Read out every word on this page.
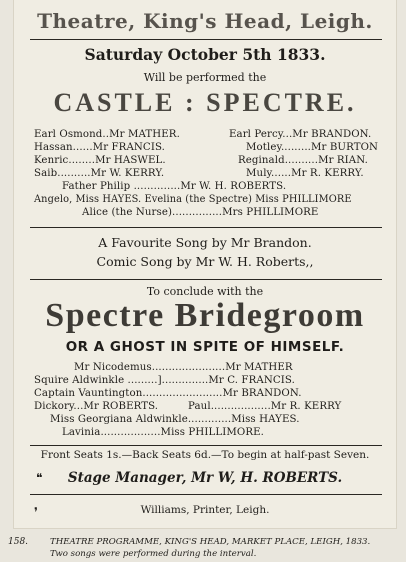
Theatre, King's Head, Leigh.
Saturday October 5th 1833.
Will be performed the
CASTLE : SPECTRE.
Earl Osmond..Mr MATHER.	Earl Percy...Mr BRANDON.
Hassan......Mr FRANCIS.	Motley.........Mr BURTON
Kenric........Mr HASWEL.	Reginald..........Mr RIAN.
Saib..........Mr W. KERRY.	Muly......Mr R. KERRY.
Father Philip ..............Mr W. H. ROBERTS.
Angelo, Miss HAYES. Evelina (the Spectre) Miss PHILLIMORE
Alice (the Nurse)...............Mrs PHILLIMORE
A Favourite Song by Mr Brandon.
Comic Song by Mr W. H. Roberts,,
To conclude with the
Spectre Bridegroom
OR A GHOST IN SPITE OF HIMSELF.
Mr Nicodemus......................Mr MATHER
Squire Aldwinkle .........]..............Mr C. FRANCIS.
Captain Vauntington........................Mr BRANDON.
Dickory...Mr ROBERTS.	Paul..................Mr R. KERRY
Miss Georgiana Aldwinkle.............Miss HAYES.
Lavinia..................Miss PHILLIMORE.
Front Seats 1s.—Back Seats 6d.—To begin at half-past Seven.
❝	Stage Manager, Mr W, H. ROBERTS.
❜	Williams, Printer, Leigh.
158.	THEATRE PROGRAMME, KING'S HEAD, MARKET PLACE, LEIGH, 1833.
Two songs were performed during the interval.
